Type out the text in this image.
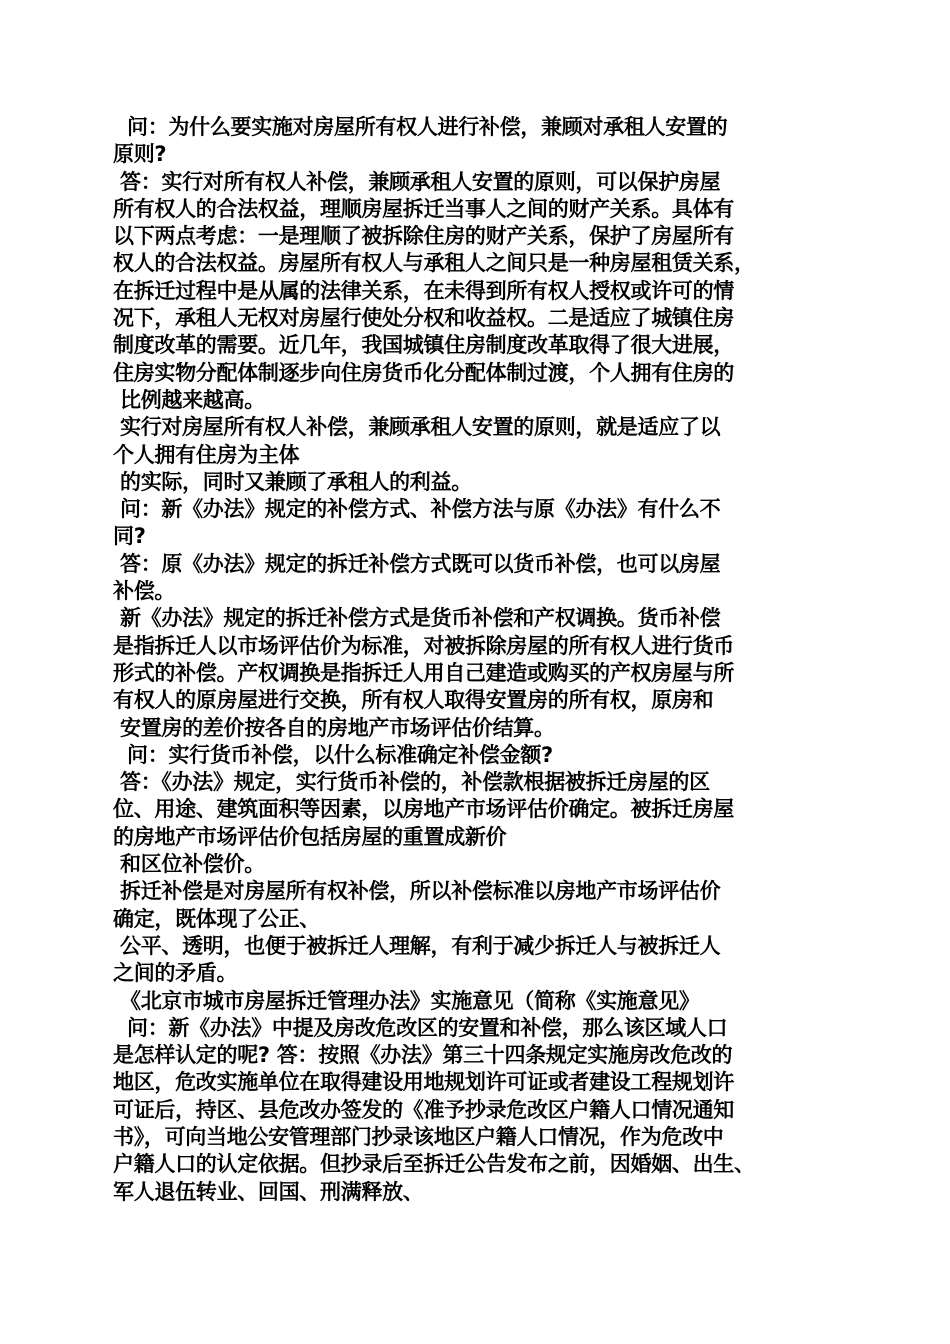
问：为什么要实施对房屋所有权人进行补偿，兼顾对承租人安置的
原则?
答：实行对所有权人补偿，兼顾承租人安置的原则，可以保护房屋
所有权人的合法权益，理顺房屋拆迁当事人之间的财产关系。具体有
以下两点考虑：一是理顺了被拆除住房的财产关系，保护了房屋所有
权人的合法权益。房屋所有权人与承租人之间只是一种房屋租赁关系，
在拆迁过程中是从属的法律关系，在未得到所有权人授权或许可的情
况下，承租人无权对房屋行使处分权和收益权。二是适应了城镇住房
制度改革的需要。近几年，我国城镇住房制度改革取得了很大进展，
住房实物分配体制逐步向住房货币化分配体制过渡，个人拥有住房的
比例越来越高。
实行对房屋所有权人补偿，兼顾承租人安置的原则，就是适应了以
个人拥有住房为主体
的实际，同时又兼顾了承租人的利益。
问：新《办法》规定的补偿方式、补偿方法与原《办法》有什么不
同?
答：原《办法》规定的拆迁补偿方式既可以货币补偿，也可以房屋
补偿。
新《办法》规定的拆迁补偿方式是货币补偿和产权调换。货币补偿
是指拆迁人以市场评估价为标准，对被拆除房屋的所有权人进行货币
形式的补偿。产权调换是指拆迁人用自己建造或购买的产权房屋与所
有权人的原房屋进行交换，所有权人取得安置房的所有权，原房和
安置房的差价按各自的房地产市场评估价结算。
问：实行货币补偿，以什么标准确定补偿金额?
答：《办法》规定，实行货币补偿的，补偿款根据被拆迁房屋的区
位、用途、建筑面积等因素，以房地产市场评估价确定。被拆迁房屋
的房地产市场评估价包括房屋的重置成新价
和区位补偿价。
拆迁补偿是对房屋所有权补偿，所以补偿标准以房地产市场评估价
确定，既体现了公正、
公平、透明，也便于被拆迁人理解，有利于减少拆迁人与被拆迁人
之间的矛盾。
《北京市城市房屋拆迁管理办法》实施意见（简称《实施意见》
问：新《办法》中提及房改危改区的安置和补偿，那么该区域人口
是怎样认定的呢? 答：按照《办法》第三十四条规定实施房改危改的
地区，危改实施单位在取得建设用地规划许可证或者建设工程规划许
可证后，持区、县危改办签发的《准予抄录危改区户籍人口情况通知
书》，可向当地公安管理部门抄录该地区户籍人口情况，作为危改中
户籍人口的认定依据。但抄录后至拆迁公告发布之前，因婚姻、出生、
军人退伍转业、回国、刑满释放、
